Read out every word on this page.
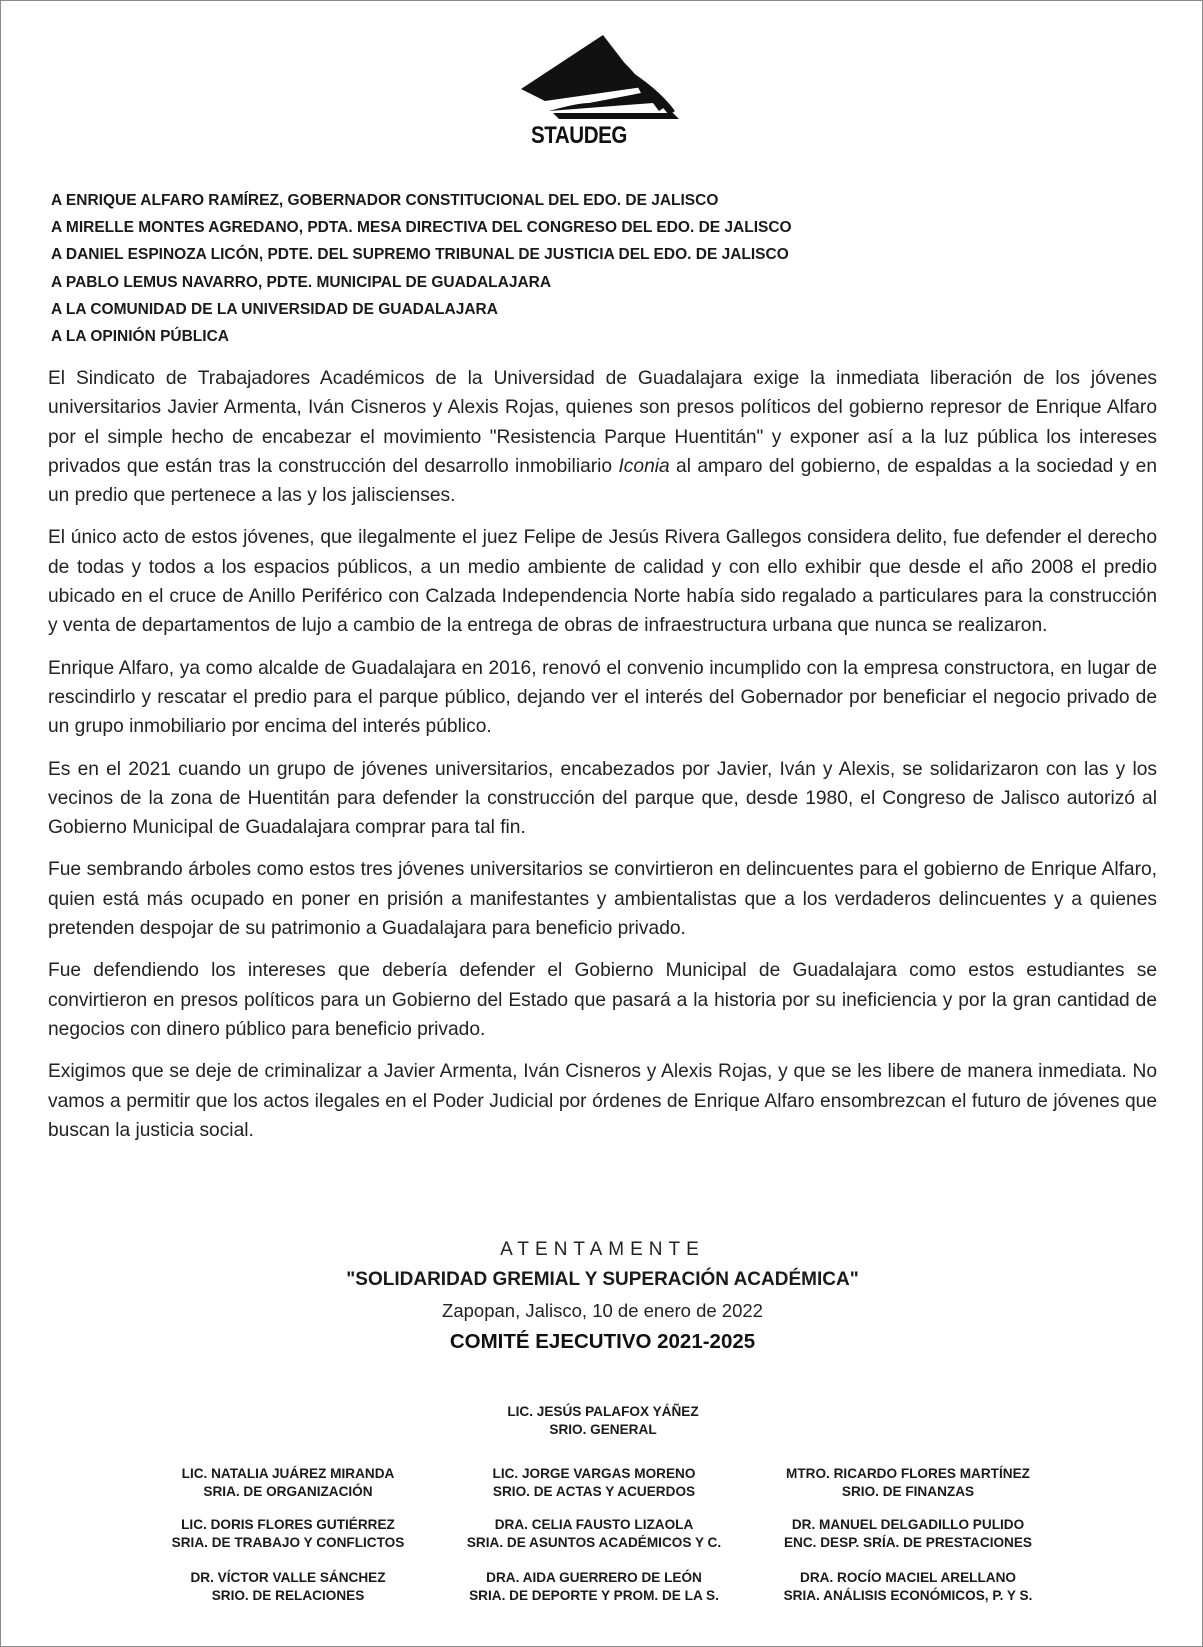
STAUDEG
A ENRIQUE ALFARO RAMÍREZ, GOBERNADOR CONSTITUCIONAL DEL EDO. DE JALISCO
A MIRELLE MONTES AGREDANO, PDTA. MESA DIRECTIVA DEL CONGRESO DEL EDO. DE JALISCO
A DANIEL ESPINOZA LICÓN, PDTE. DEL SUPREMO TRIBUNAL DE JUSTICIA DEL EDO. DE JALISCO
A PABLO LEMUS NAVARRO, PDTE. MUNICIPAL DE GUADALAJARA
A LA COMUNIDAD DE LA UNIVERSIDAD DE GUADALAJARA
A LA OPINIÓN PÚBLICA

El Sindicato de Trabajadores Académicos de la Universidad de Guadalajara exige la inmediata liberación de los jóvenes universitarios Javier Armenta, Iván Cisneros y Alexis Rojas, quienes son presos políticos del gobierno represor de Enrique Alfaro por el simple hecho de encabezar el movimiento "Resistencia Parque Huentitán" y exponer así a la luz pública los intereses privados que están tras la construcción del desarrollo inmobiliario Iconia al amparo del gobierno, de espaldas a la sociedad y en un predio que pertenece a las y los jaliscienses.

El único acto de estos jóvenes, que ilegalmente el juez Felipe de Jesús Rivera Gallegos considera delito, fue defender el derecho de todas y todos a los espacios públicos, a un medio ambiente de calidad y con ello exhibir que desde el año 2008 el predio ubicado en el cruce de Anillo Periférico con Calzada Independencia Norte había sido regalado a particulares para la construcción y venta de departamentos de lujo a cambio de la entrega de obras de infraestructura urbana que nunca se realizaron.

Enrique Alfaro, ya como alcalde de Guadalajara en 2016, renovó el convenio incumplido con la empresa constructora, en lugar de rescindirlo y rescatar el predio para el parque público, dejando ver el interés del Gobernador por beneficiar el negocio privado de un grupo inmobiliario por encima del interés público.

Es en el 2021 cuando un grupo de jóvenes universitarios, encabezados por Javier, Iván y Alexis, se solidarizaron con las y los vecinos de la zona de Huentitán para defender la construcción del parque que, desde 1980, el Congreso de Jalisco autorizó al Gobierno Municipal de Guadalajara comprar para tal fin.

Fue sembrando árboles como estos tres jóvenes universitarios se convirtieron en delincuentes para el gobierno de Enrique Alfaro, quien está más ocupado en poner en prisión a manifestantes y ambientalistas que a los verdaderos delincuentes y a quienes pretenden despojar de su patrimonio a Guadalajara para beneficio privado.

Fue defendiendo los intereses que debería defender el Gobierno Municipal de Guadalajara como estos estudiantes se convirtieron en presos políticos para un Gobierno del Estado que pasará a la historia por su ineficiencia y por la gran cantidad de negocios con dinero público para beneficio privado.

Exigimos que se deje de criminalizar a Javier Armenta, Iván Cisneros y Alexis Rojas, y que se les libere de manera inmediata. No vamos a permitir que los actos ilegales en el Poder Judicial por órdenes de Enrique Alfaro ensombrezcan el futuro de jóvenes que buscan la justicia social.

ATENTAMENTE
"SOLIDARIDAD GREMIAL Y SUPERACIÓN ACADÉMICA"
Zapopan, Jalisco, 10 de enero de 2022
COMITÉ EJECUTIVO 2021-2025
LIC. JESÚS PALAFOX YÁÑEZ
SRIO. GENERAL
LIC. NATALIA JUÁREZ MIRANDA
SRIA. DE ORGANIZACIÓN
LIC. JORGE VARGAS MORENO
SRIO. DE ACTAS Y ACUERDOS
MTRO. RICARDO FLORES MARTÍNEZ
SRIO. DE FINANZAS
LIC. DORIS FLORES GUTIÉRREZ
SRIA. DE TRABAJO Y CONFLICTOS
DRA. CELIA FAUSTO LIZAOLA
SRIA. DE ASUNTOS ACADÉMICOS Y C.
DR. MANUEL DELGADILLO PULIDO
ENC. DESP. SRÍA. DE PRESTACIONES
DR. VÍCTOR VALLE SÁNCHEZ
SRIO. DE RELACIONES
DRA. AIDA GUERRERO DE LEÓN
SRIA. DE DEPORTE Y PROM. DE LA S.
DRA. ROCÍO MACIEL ARELLANO
SRIA. ANÁLISIS ECONÓMICOS, P. Y S.
